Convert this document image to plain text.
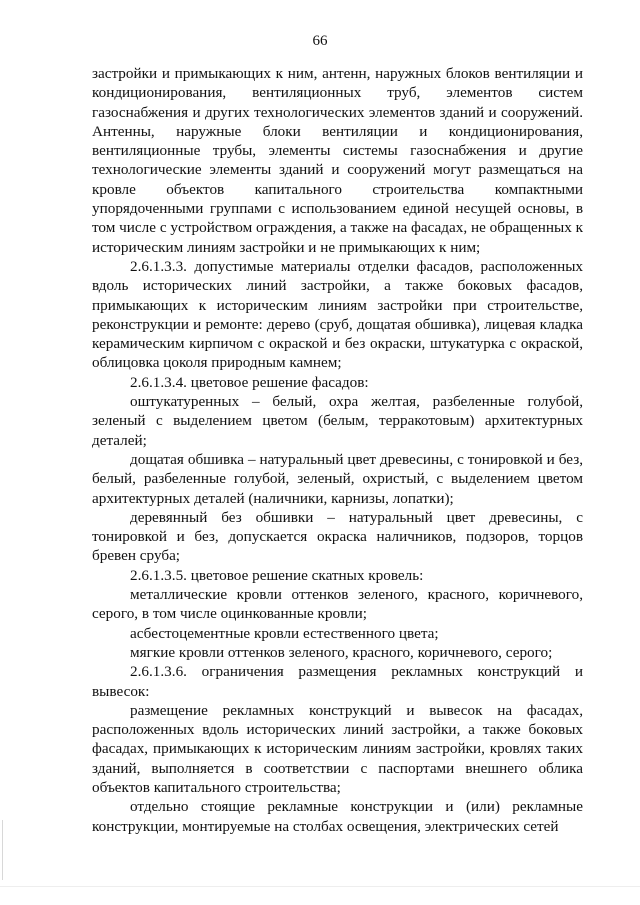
66

застройки и примыкающих к ним, антенн, наружных блоков вентиляции и кондиционирования, вентиляционных труб, элементов систем газоснабжения и других технологических элементов зданий и сооружений. Антенны, наружные блоки вентиляции и кондиционирования, вентиляционные трубы, элементы системы газоснабжения и другие технологические элементы зданий и сооружений могут размещаться на кровле объектов капитального строительства компактными упорядоченными группами с использованием единой несущей основы, в том числе с устройством ограждения, а также на фасадах, не обращенных к историческим линиям застройки и не примыкающих к ним;

2.6.1.3.3. допустимые материалы отделки фасадов, расположенных вдоль исторических линий застройки, а также боковых фасадов, примыкающих к историческим линиям застройки при строительстве, реконструкции и ремонте: дерево (сруб, дощатая обшивка), лицевая кладка керамическим кирпичом с окраской и без окраски, штукатурка с окраской, облицовка цоколя природным камнем;

2.6.1.3.4. цветовое решение фасадов:

оштукатуренных – белый, охра желтая, разбеленные голубой, зеленый с выделением цветом (белым, терракотовым) архитектурных деталей;

дощатая обшивка – натуральный цвет древесины, с тонировкой и без, белый, разбеленные голубой, зеленый, охристый, с выделением цветом архитектурных деталей (наличники, карнизы, лопатки);

деревянный без обшивки – натуральный цвет древесины, с тонировкой и без, допускается окраска наличников, подзоров, торцов бревен сруба;

2.6.1.3.5. цветовое решение скатных кровель:

металлические кровли оттенков зеленого, красного, коричневого, серого, в том числе оцинкованные кровли;

асбестоцементные кровли естественного цвета;

мягкие кровли оттенков зеленого, красного, коричневого, серого;

2.6.1.3.6. ограничения размещения рекламных конструкций и вывесок:

размещение рекламных конструкций и вывесок на фасадах, расположенных вдоль исторических линий застройки, а также боковых фасадах, примыкающих к историческим линиям застройки, кровлях таких зданий, выполняется в соответствии с паспортами внешнего облика объектов капитального строительства;

отдельно стоящие рекламные конструкции и (или) рекламные конструкции, монтируемые на столбах освещения, электрических сетей
